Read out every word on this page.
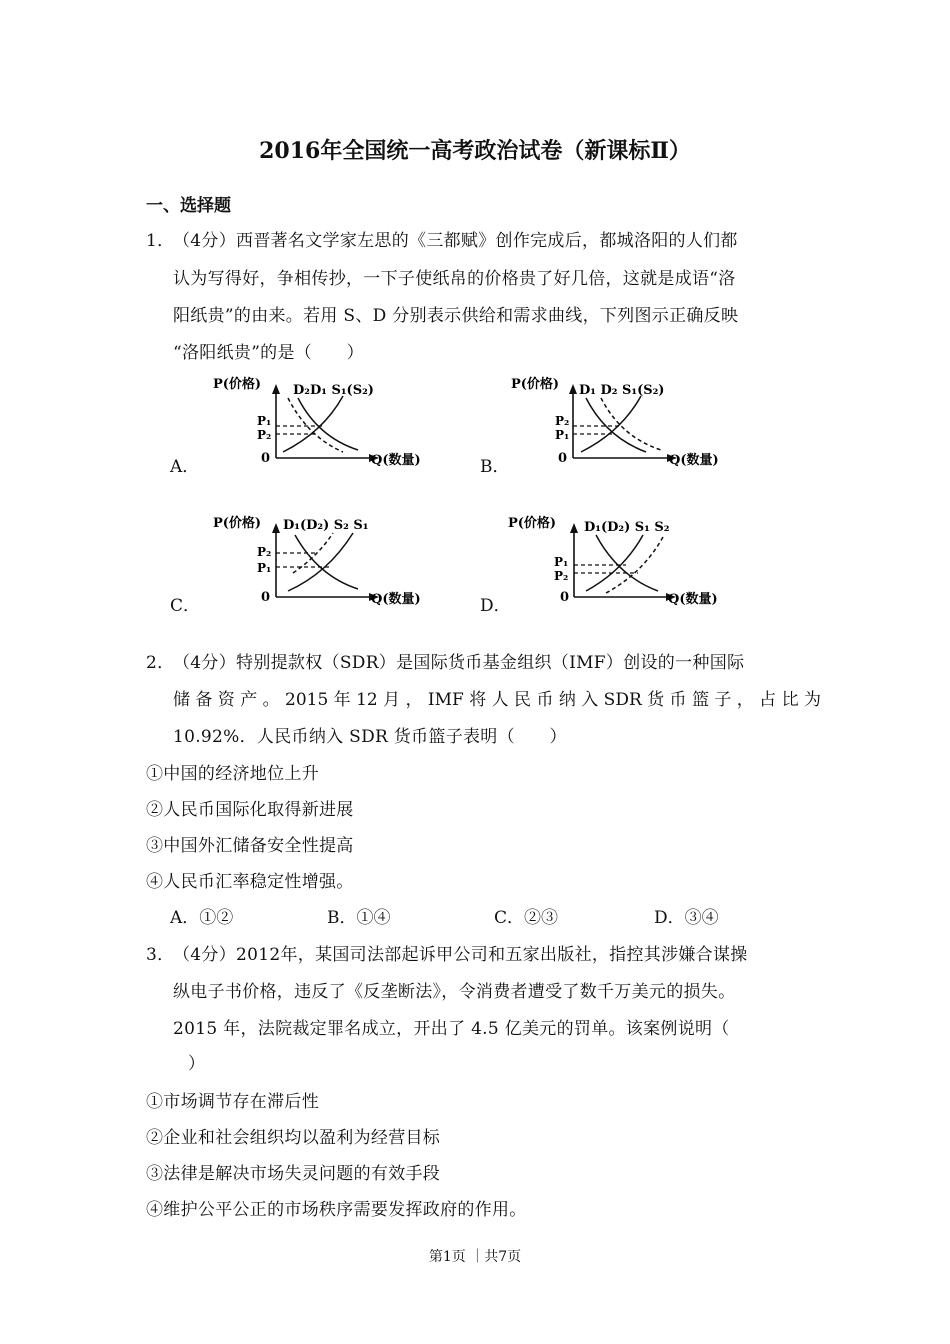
2016年全国统一高考政治试卷（新课标Ⅱ）
一、选择题
1．
（4分）西晋著名文学家左思的《三都赋》创作完成后，都城洛阳的人们都
认为写得好，争相传抄，一下子使纸帛的价格贵了好几倍，这就是成语“洛
阳纸贵”的由来。若用 S、D 分别表示供给和需求曲线，下列图示正确反映
“洛阳纸贵”的是（　　）
A．	B．
C．	D．
P(价格) D₂D₁ S₁(S₂)
0	Q(数量)
P₁
P₂
P(价格) D₁ D₂ S₁(S₂)
0	Q(数量)
P₂
P₁
P(价格) D₁(D₂) S₂ S₁
0	Q(数量)
P₂
P₁
P(价格) D₁(D₂) S₁ S₂
0	Q(数量)
P₁
P₂
2．
（4分）特别提款权（SDR）是国际货币基金组织（IMF）创设的一种国际
储 备 资 产 。 2015 年 12 月 ， IMF 将 人 民 币 纳 入 SDR 货 币 篮 子 ， 占 比 为
10.92%．人民币纳入 SDR 货币篮子表明（　　）
①中国的经济地位上升
②人民币国际化取得新进展
③中国外汇储备安全性提高
④人民币汇率稳定性增强。
A．①②	B．①④	C．②③	D．③④
3．
（4分）2012年，某国司法部起诉甲公司和五家出版社，指控其涉嫌合谋操
纵电子书价格，违反了《反垄断法》，令消费者遭受了数千万美元的损失。
2015 年，法院裁定罪名成立，开出了 4.5 亿美元的罚单。该案例说明（
）
①市场调节存在滞后性
②企业和社会组织均以盈利为经营目标
③法律是解决市场失灵问题的有效手段
④维护公平公正的市场秩序需要发挥政府的作用。
第1页 ｜共7页
